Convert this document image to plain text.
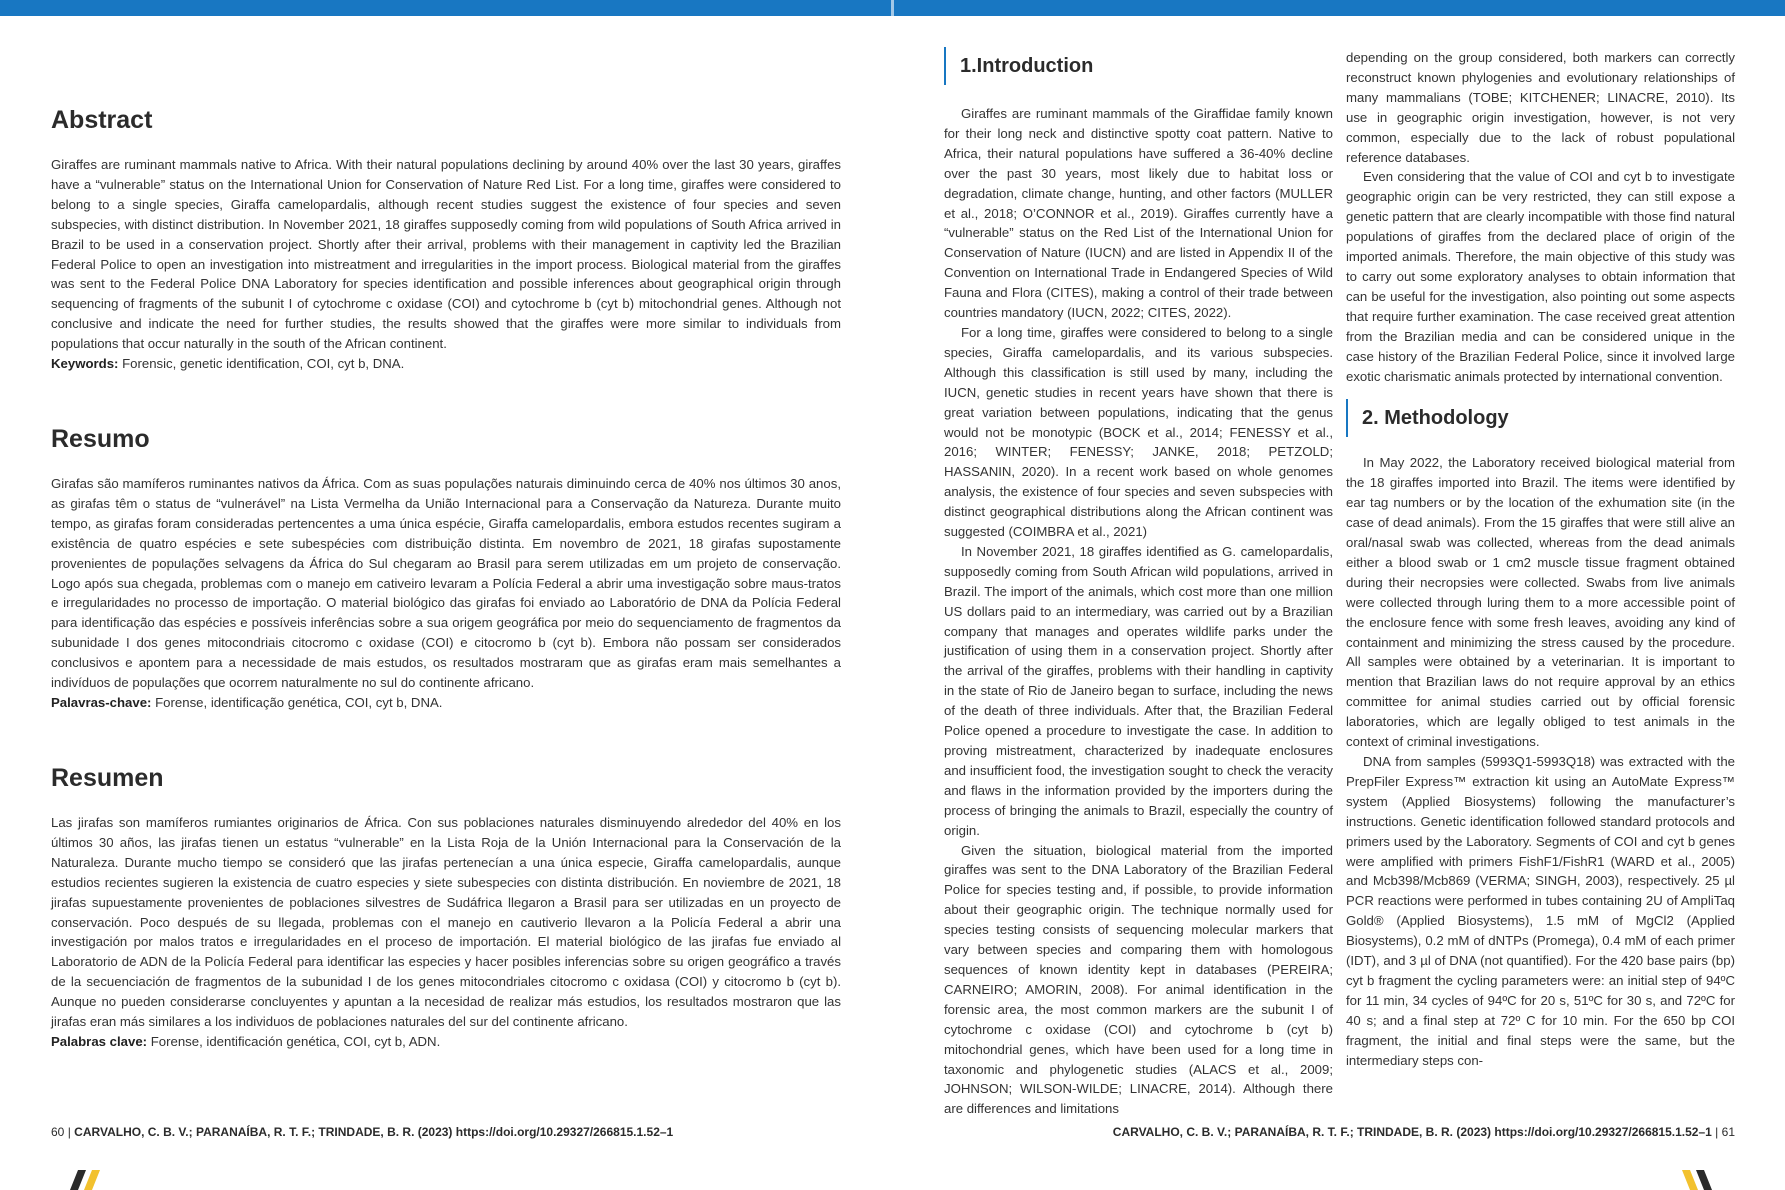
Abstract
Giraffes are ruminant mammals native to Africa. With their natural populations declining by around 40% over the last 30 years, giraffes have a “vulnerable” status on the International Union for Conservation of Nature Red List. For a long time, giraffes were considered to belong to a single species, Giraffa camelopardalis, although recent studies suggest the existence of four species and seven subspecies, with distinct distribution. In November 2021, 18 giraffes supposedly coming from wild populations of South Africa arrived in Brazil to be used in a conservation project. Shortly after their arrival, problems with their management in captivity led the Brazilian Federal Police to open an investigation into mistreatment and irregularities in the import process. Biological material from the giraffes was sent to the Federal Police DNA Laboratory for species identification and possible inferences about geographical origin through sequencing of fragments of the subunit I of cytochrome c oxidase (COI) and cytochrome b (cyt b) mitochondrial genes. Although not conclusive and indicate the need for further studies, the results showed that the giraffes were more similar to individuals from populations that occur naturally in the south of the African continent.
Keywords: Forensic, genetic identification, COI, cyt b, DNA.
Resumo
Girafas são mamíferos ruminantes nativos da África. Com as suas populações naturais diminuindo cerca de 40% nos últimos 30 anos, as girafas têm o status de “vulnerável” na Lista Vermelha da União Internacional para a Conservação da Natureza. Durante muito tempo, as girafas foram consideradas pertencentes a uma única espécie, Giraffa camelopardalis, embora estudos recentes sugiram a existência de quatro espécies e sete subespécies com distribuição distinta. Em novembro de 2021, 18 girafas supostamente provenientes de populações selvagens da África do Sul chegaram ao Brasil para serem utilizadas em um projeto de conservação. Logo após sua chegada, problemas com o manejo em cativeiro levaram a Polícia Federal a abrir uma investigação sobre maus-tratos e irregularidades no processo de importação. O material biológico das girafas foi enviado ao Laboratório de DNA da Polícia Federal para identificação das espécies e possíveis inferências sobre a sua origem geográfica por meio do sequenciamento de fragmentos da subunidade I dos genes mitocondriais citocromo c oxidase (COI) e citocromo b (cyt b). Embora não possam ser considerados conclusivos e apontem para a necessidade de mais estudos, os resultados mostraram que as girafas eram mais semelhantes a indivíduos de populações que ocorrem naturalmente no sul do continente africano.
Palavras-chave: Forense, identificação genética, COI, cyt b, DNA.
Resumen
Las jirafas son mamíferos rumiantes originarios de África. Con sus poblaciones naturales disminuyendo alrededor del 40% en los últimos 30 años, las jirafas tienen un estatus “vulnerable” en la Lista Roja de la Unión Internacional para la Conservación de la Naturaleza. Durante mucho tiempo se consideró que las jirafas pertenecían a una única especie, Giraffa camelopardalis, aunque estudios recientes sugieren la existencia de cuatro especies y siete subespecies con distinta distribución. En noviembre de 2021, 18 jirafas supuestamente provenientes de poblaciones silvestres de Sudáfrica llegaron a Brasil para ser utilizadas en un proyecto de conservación. Poco después de su llegada, problemas con el manejo en cautiverio llevaron a la Policía Federal a abrir una investigación por malos tratos e irregularidades en el proceso de importación. El material biológico de las jirafas fue enviado al Laboratorio de ADN de la Policía Federal para identificar las especies y hacer posibles inferencias sobre su origen geográfico a través de la secuenciación de fragmentos de la subunidad I de los genes mitocondriales citocromo c oxidasa (COI) y citocromo b (cyt b). Aunque no pueden considerarse concluyentes y apuntan a la necesidad de realizar más estudios, los resultados mostraron que las jirafas eran más similares a los individuos de poblaciones naturales del sur del continente africano.
Palabras clave: Forense, identificación genética, COI, cyt b, ADN.
60 | CARVALHO, C. B. V.; PARANAÍBA, R. T. F.; TRINDADE, B. R. (2023) https://doi.org/10.29327/266815.1.52–1
1.Introduction

Giraffes are ruminant mammals of the Giraffidae family known for their long neck and distinctive spotty coat pattern. Native to Africa, their natural populations have suffered a 36-40% decline over the past 30 years, most likely due to habitat loss or degradation, climate change, hunting, and other factors (MULLER et al., 2018; O’CONNOR et al., 2019). Giraffes currently have a “vulnerable” status on the Red List of the International Union for Conservation of Nature (IUCN) and are listed in Appendix II of the Convention on International Trade in Endangered Species of Wild Fauna and Flora (CITES), making a control of their trade between countries mandatory (IUCN, 2022; CITES, 2022).

For a long time, giraffes were considered to belong to a single species, Giraffa camelopardalis, and its various subspecies. Although this classification is still used by many, including the IUCN, genetic studies in recent years have shown that there is great variation between populations, indicating that the genus would not be monotypic (BOCK et al., 2014; FENESSY et al., 2016; WINTER; FENESSY; JANKE, 2018; PETZOLD; HASSANIN, 2020). In a recent work based on whole genomes analysis, the existence of four species and seven subspecies with distinct geographical distributions along the African continent was suggested (COIMBRA et al., 2021)

In November 2021, 18 giraffes identified as G. camelopardalis, supposedly coming from South African wild populations, arrived in Brazil. The import of the animals, which cost more than one million US dollars paid to an intermediary, was carried out by a Brazilian company that manages and operates wildlife parks under the justification of using them in a conservation project. Shortly after the arrival of the giraffes, problems with their handling in captivity in the state of Rio de Janeiro began to surface, including the news of the death of three individuals. After that, the Brazilian Federal Police opened a procedure to investigate the case. In addition to proving mistreatment, characterized by inadequate enclosures and insufficient food, the investigation sought to check the veracity and flaws in the information provided by the importers during the process of bringing the animals to Brazil, especially the country of origin.

Given the situation, biological material from the imported giraffes was sent to the DNA Laboratory of the Brazilian Federal Police for species testing and, if possible, to provide information about their geographic origin. The technique normally used for species testing consists of sequencing molecular markers that vary between species and comparing them with homologous sequences of known identity kept in databases (PEREIRA; CARNEIRO; AMORIN, 2008). For animal identification in the forensic area, the most common markers are the subunit I of cytochrome c oxidase (COI) and cytochrome b (cyt b) mitochondrial genes, which have been used for a long time in taxonomic and phylogenetic studies (ALACS et al., 2009; JOHNSON; WILSON-WILDE; LINACRE, 2014). Although there are differences and limitations

depending on the group considered, both markers can correctly reconstruct known phylogenies and evolutionary relationships of many mammalians (TOBE; KITCHENER; LINACRE, 2010). Its use in geographic origin investigation, however, is not very common, especially due to the lack of robust populational reference databases.

Even considering that the value of COI and cyt b to investigate geographic origin can be very restricted, they can still expose a genetic pattern that are clearly incompatible with those find natural populations of giraffes from the declared place of origin of the imported animals. Therefore, the main objective of this study was to carry out some exploratory analyses to obtain information that can be useful for the investigation, also pointing out some aspects that require further examination. The case received great attention from the Brazilian media and can be considered unique in the case history of the Brazilian Federal Police, since it involved large exotic charismatic animals protected by international convention.

2. Methodology

In May 2022, the Laboratory received biological material from the 18 giraffes imported into Brazil. The items were identified by ear tag numbers or by the location of the exhumation site (in the case of dead animals). From the 15 giraffes that were still alive an oral/nasal swab was collected, whereas from the dead animals either a blood swab or 1 cm2 muscle tissue fragment obtained during their necropsies were collected. Swabs from live animals were collected through luring them to a more accessible point of the enclosure fence with some fresh leaves, avoiding any kind of containment and minimizing the stress caused by the procedure. All samples were obtained by a veterinarian. It is important to mention that Brazilian laws do not require approval by an ethics committee for animal studies carried out by official forensic laboratories, which are legally obliged to test animals in the context of criminal investigations.

DNA from samples (5993Q1-5993Q18) was extracted with the PrepFiler Express™ extraction kit using an AutoMate Express™ system (Applied Biosystems) following the manufacturer’s instructions. Genetic identification followed standard protocols and primers used by the Laboratory. Segments of COI and cyt b genes were amplified with primers FishF1/FishR1 (WARD et al., 2005) and Mcb398/Mcb869 (VERMA; SINGH, 2003), respectively. 25 µl PCR reactions were performed in tubes containing 2U of AmpliTaq Gold® (Applied Biosystems), 1.5 mM of MgCl2 (Applied Biosystems), 0.2 mM of dNTPs (Promega), 0.4 mM of each primer (IDT), and 3 µl of DNA (not quantified). For the 420 base pairs (bp) cyt b fragment the cycling parameters were: an initial step of 94ºC for 11 min, 34 cycles of 94ºC for 20 s, 51ºC for 30 s, and 72ºC for 40 s; and a final step at 72º C for 10 min. For the 650 bp COI fragment, the initial and final steps were the same, but the intermediary steps con-

CARVALHO, C. B. V.; PARANAÍBA, R. T. F.; TRINDADE, B. R. (2023) https://doi.org/10.29327/266815.1.52–1 | 61
